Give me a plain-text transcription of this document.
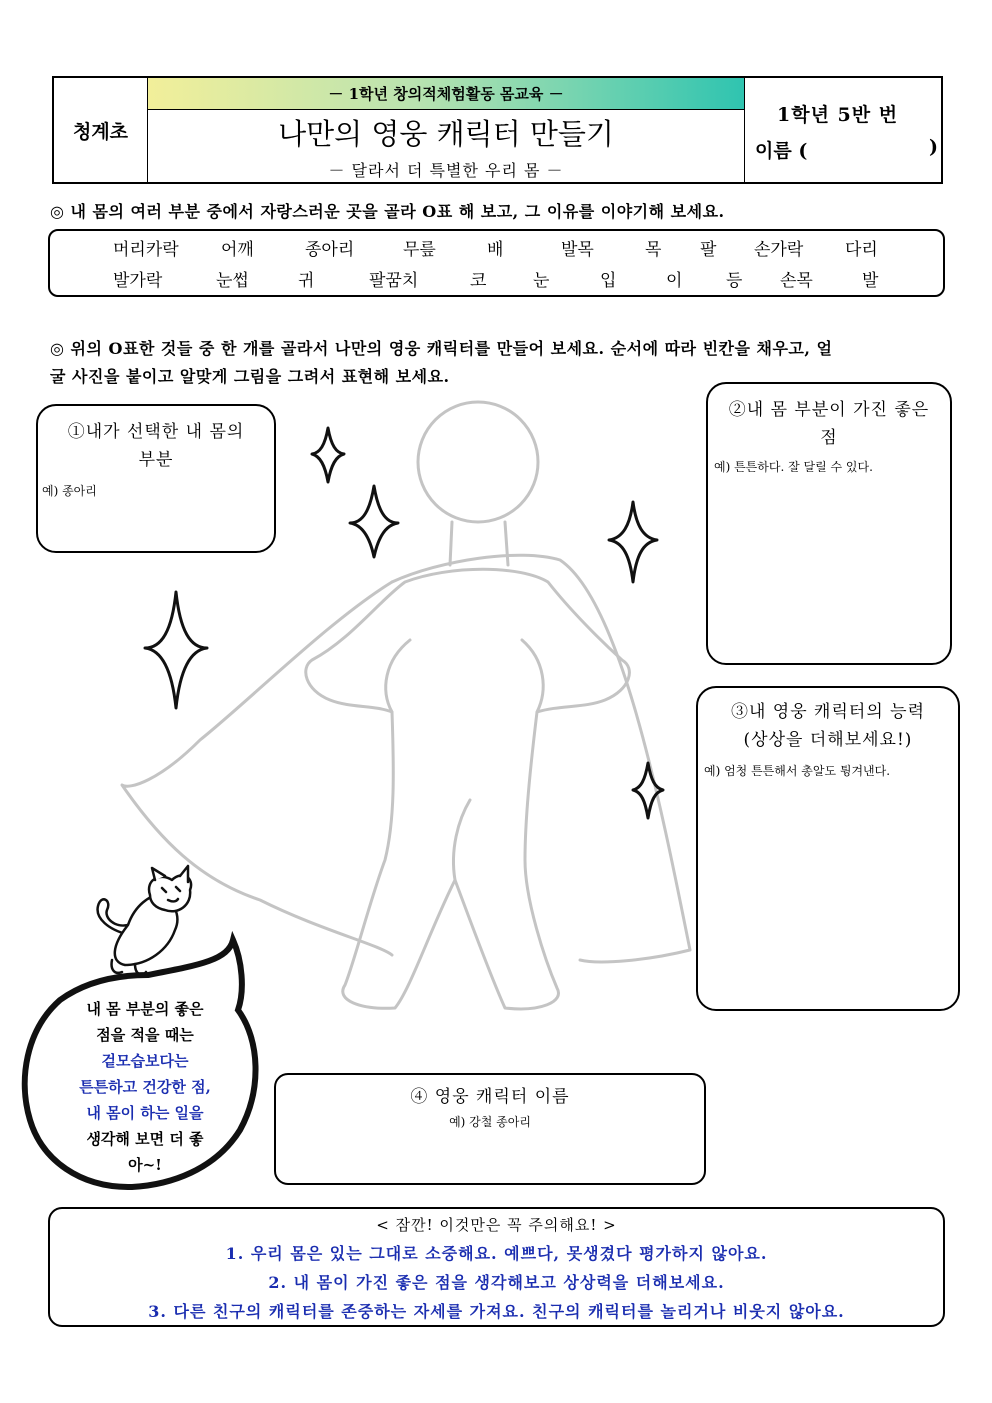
청계초
－ 1학년 창의적체험활동 몸교육 －
나만의 영웅 캐릭터 만들기
－ 달라서 더 특별한 우리 몸 －
1학년 5반 번
이름 (	)
◎ 내 몸의 여러 부분 중에서 자랑스러운 곳을 골라 O표 해 보고, 그 이유를 이야기해 보세요.
머리카락 어깨	종아리	무릎	배	발목	목 팔 손가락 다리
발가락	눈썹	귀	팔꿈치	코	눈	입	이	등 손목	발
◎ 위의 O표한 것들 중 한 개를 골라서 나만의 영웅 캐릭터를 만들어 보세요. 순서에 따라 빈칸을 채우고, 얼
굴 사진을 붙이고 알맞게 그림을 그려서 표현해 보세요.
내 몸 부분의 좋은
점을 적을 때는
겉모습보다는
튼튼하고 건강한 점,
내 몸이 하는 일을
생각해 보면 더 좋
아~!
①내가 선택한 내 몸의
부분
예) 종아리
②내 몸 부분이 가진 좋은
점
예) 튼튼하다. 잘 달릴 수 있다.
③내 영웅 캐릭터의 능력
(상상을 더해보세요!)
예) 엄청 튼튼해서 총알도 튕겨낸다.
④ 영웅 캐릭터 이름
예) 강철 종아리
< 잠깐! 이것만은 꼭 주의해요! >
1. 우리 몸은 있는 그대로 소중해요. 예쁘다, 못생겼다 평가하지 않아요.
2. 내 몸이 가진 좋은 점을 생각해보고 상상력을 더해보세요.
3. 다른 친구의 캐릭터를 존중하는 자세를 가져요. 친구의 캐릭터를 놀리거나 비웃지 않아요.
